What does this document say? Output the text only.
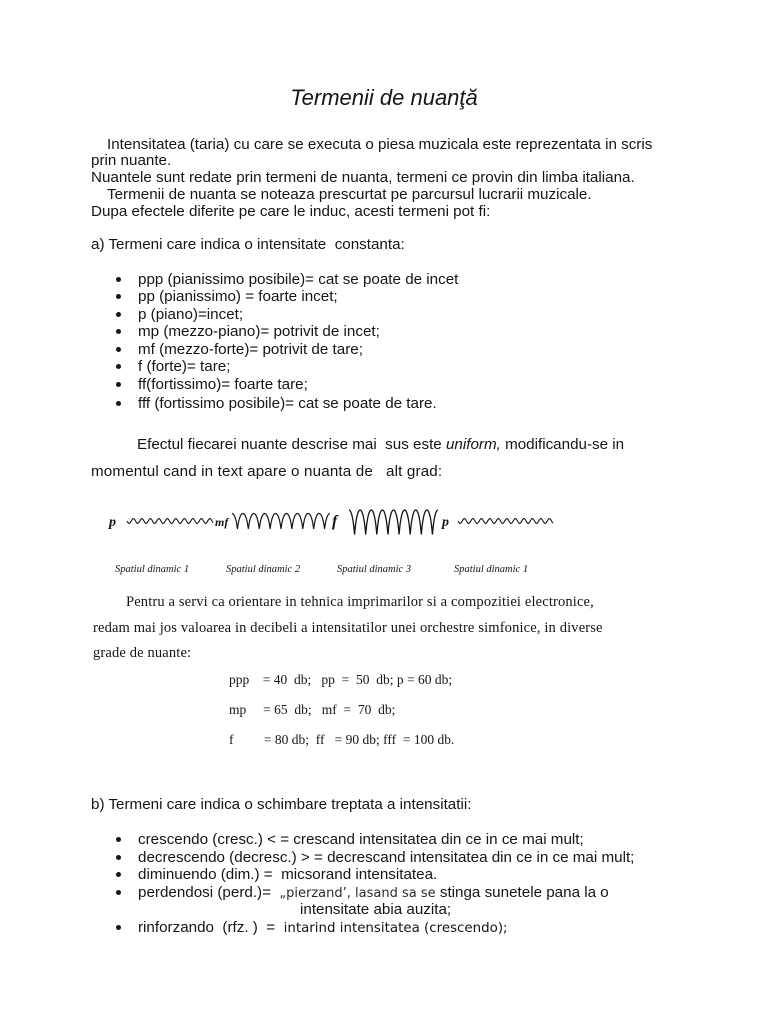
Termenii de nuanţă
Intensitatea (taria) cu care se executa o piesa muzicala este reprezentata in scris
prin nuante.
Nuantele sunt redate prin termeni de nuanta, termeni ce provin din limba italiana.
Termenii de nuanta se noteaza prescurtat pe parcursul lucrarii muzicale.
Dupa efectele diferite pe care le induc, acesti termeni pot fi:
a) Termeni care indica o intensitate  constanta:
ppp (pianissimo posibile)= cat se poate de incet
pp (pianissimo) = foarte incet;
p (piano)=incet;
mp (mezzo-piano)= potrivit de incet;
mf (mezzo-forte)= potrivit de tare;
f (forte)= tare;
ff(fortissimo)= foarte tare;
fff (fortissimo posibile)= cat se poate de tare.
Efectul fiecarei nuante descrise mai  sus este uniform, modificandu-se in
momentul cand in text apare o nuanta de   alt grad:
p	mf	f	p
Spatiul dinamic 1	Spatiul dinamic 2	Spatiul dinamic 3	Spatiul dinamic 1
Pentru a servi ca orientare in tehnica imprimarilor si a compozitiei electronice,
redam mai jos valoarea in decibeli a intensitatilor unei orchestre simfonice, in diverse
grade de nuante:
ppp    = 40  db;   pp  =  50  db; p = 60 db;
mp     = 65  db;   mf  =  70  db;
f         = 80 db;  ff   = 90 db; fff  = 100 db.
b) Termeni care indica o schimbare treptata a intensitatii:
crescendo (cresc.) < = crescand intensitatea din ce in ce mai mult;
decrescendo (decresc.) > = decrescand intensitatea din ce in ce mai mult;
diminuendo (dim.) =  micsorand intensitatea.
perdendosi (perd.)=  „pierzand’, lasand sa se stinga sunetele pana la o
intensitate abia auzita;
rinforzando  (rfz. )  =  intarind intensitatea (crescendo);
